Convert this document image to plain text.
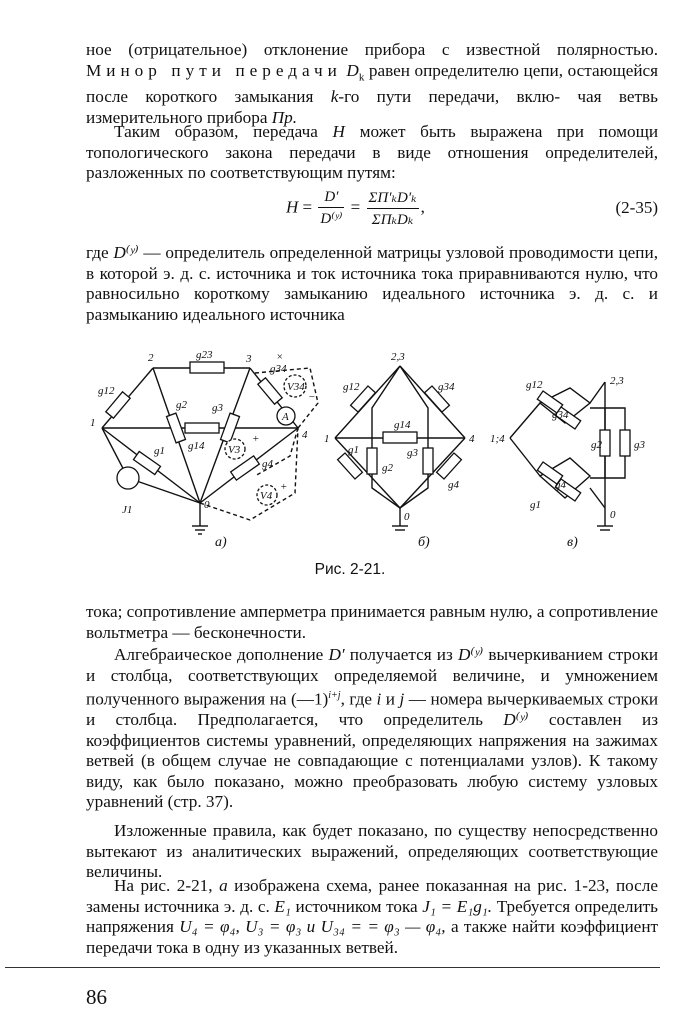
ное (отрицательное) отклонение прибора с известной полярностью. Минор пути передачи $D_k$ равен определителю цепи, остающейся после короткого замыкания k-го пути передачи, вклю- чая ветвь измерительного прибора Пр.

Таким образом, передача H может быть выражена при помощи топологического закона передачи в виде отношения определителей, разложенных по соответствующим путям:

$H = \frac{D'}{\text{D⁽ʸ⁾}} = \frac{\text{ΣΠ′ₖD′ₖ}}{\text{ΣΠₖDₖ}}$ ,	(2-35)

где D⁽ʸ⁾ — определитель определенной матрицы узловой проводимости цепи, в которой э. д. с. источника и ток источника тока приравниваются нулю, что равносильно короткому замыканию идеального источника э. д. с. и размыканию идеального источника

2	3
1
4
0
g23
g12
g2 g3
g34
g14
g1
g4
V34
V3
V4
A
J1
+
+
−
×
а)
2,3
1	4
0
g12	g34
g14
g1
g2
g3
g4
б)
2,3
1;4
0
g12
g34
g2	g3
g4
g1
в)
Рис. 2-21.

тока; сопротивление амперметра принимается равным нулю, а сопротивление вольтметра — бесконечности.

Алгебраическое дополнение D′ получается из D⁽ʸ⁾ вычеркиванием строки и столбца, соответствующих определяемой величине, и умножением полученного выражения на (—1)$^{i+j}$, где i и j — номера вычеркиваемых строки и столбца. Предполагается, что определитель D⁽ʸ⁾ составлен из коэффициентов системы уравнений, определяющих напряжения на зажимах ветвей (в общем случае не совпадающие с потенциалами узлов). К такому виду, как было показано, можно преобразовать любую систему узловых уравнений (стр. 37).

Изложенные правила, как будет показано, по существу непосредственно вытекают из аналитических выражений, определяющих соответствующие величины.

На рис. 2-21, а изображена схема, ранее показанная на рис. 1-23, после замены источника э. д. с. E₁ источником тока J₁ = E₁g₁. Требуется определить напряжения U₄ = φ₄, U₃ = φ₃ и U₃₄ = = φ₃ — φ₄, а также найти коэффициент передачи тока в одну из указанных ветвей.

86
